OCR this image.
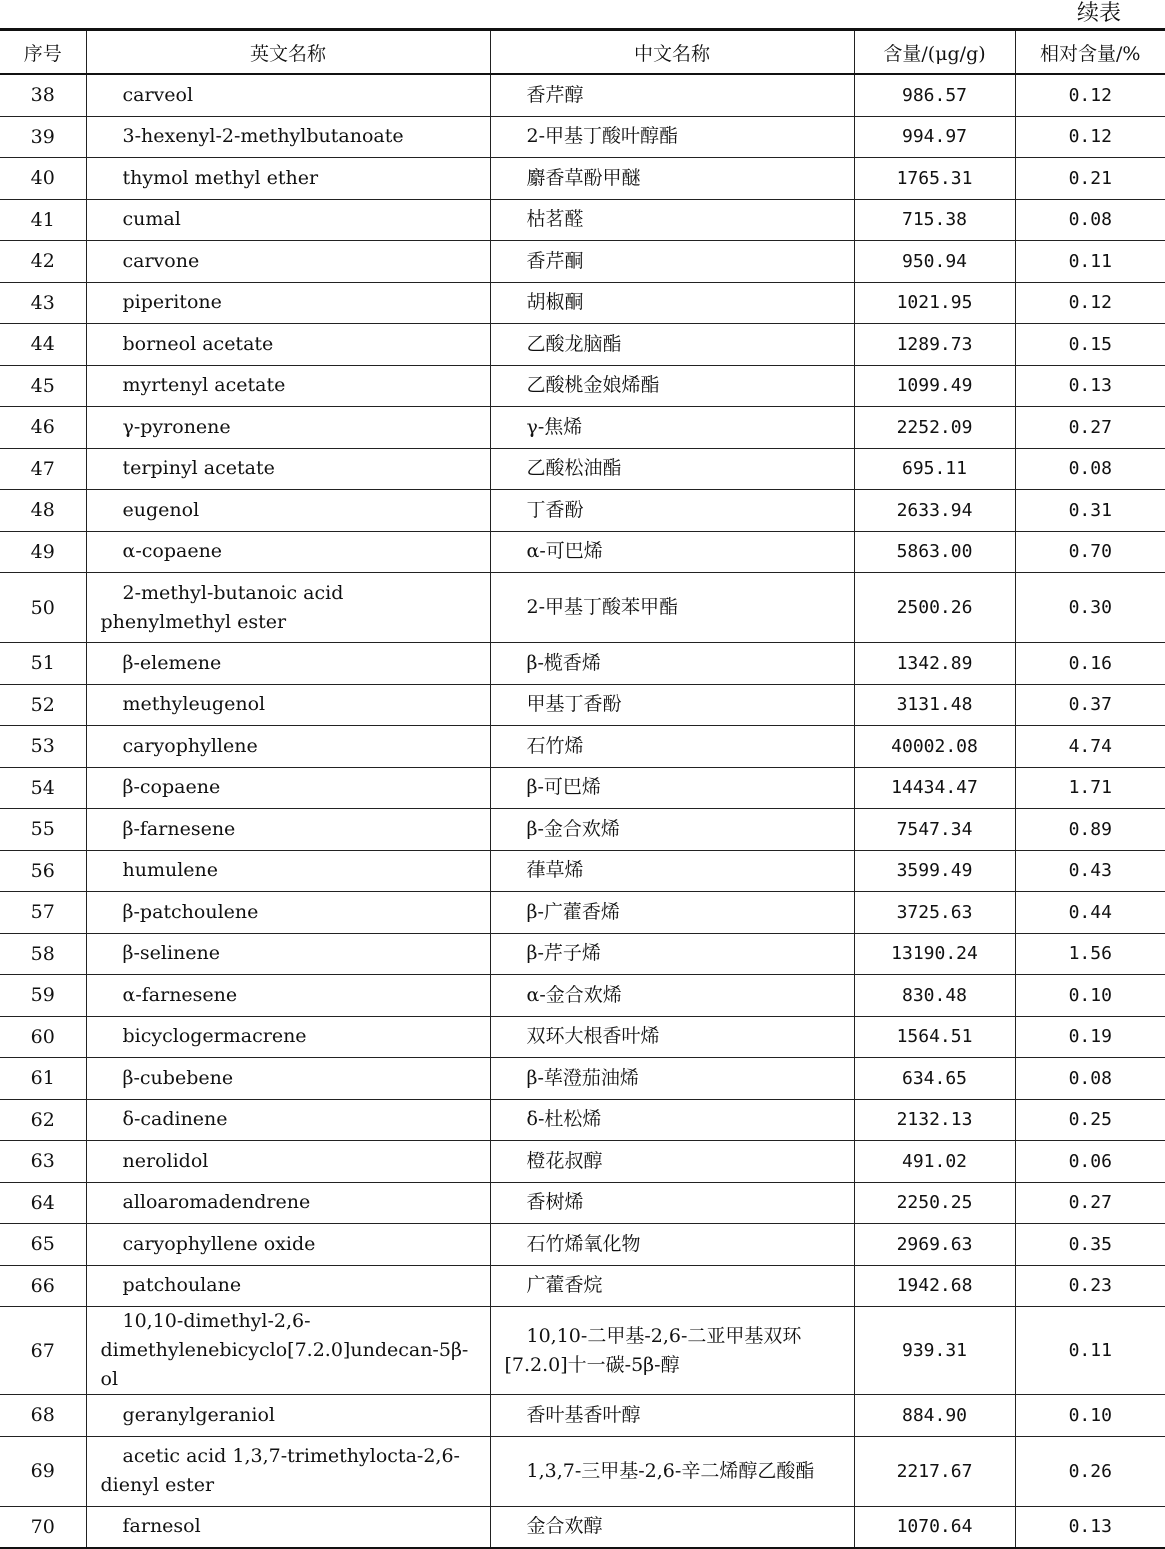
续表
序号	英文名称	中文名称	含量/(μg/g)	相对含量/%
38	carveol	香芹醇	986.57	0.12
39	3-hexenyl-2-methylbutanoate	2-甲基丁酸叶醇酯	994.97	0.12
40	thymol methyl ether	麝香草酚甲醚	1765.31	0.21
41	cumal	枯茗醛	715.38	0.08
42	carvone	香芹酮	950.94	0.11
43	piperitone	胡椒酮	1021.95	0.12
44	borneol acetate	乙酸龙脑酯	1289.73	0.15
45	myrtenyl acetate	乙酸桃金娘烯酯	1099.49	0.13
46	γ-pyronene	γ-焦烯	2252.09	0.27
47	terpinyl acetate	乙酸松油酯	695.11	0.08
48	eugenol	丁香酚	2633.94	0.31
49	α-copaene	α-可巴烯	5863.00	0.70
50	2-methyl-butanoic acid phenylmethyl ester	2-甲基丁酸苯甲酯	2500.26	0.30
51	β-elemene	β-榄香烯	1342.89	0.16
52	methyleugenol	甲基丁香酚	3131.48	0.37
53	caryophyllene	石竹烯	40002.08	4.74
54	β-copaene	β-可巴烯	14434.47	1.71
55	β-farnesene	β-金合欢烯	7547.34	0.89
56	humulene	葎草烯	3599.49	0.43
57	β-patchoulene	β-广藿香烯	3725.63	0.44
58	β-selinene	β-芹子烯	13190.24	1.56
59	α-farnesene	α-金合欢烯	830.48	0.10
60	bicyclogermacrene	双环大根香叶烯	1564.51	0.19
61	β-cubebene	β-荜澄茄油烯	634.65	0.08
62	δ-cadinene	δ-杜松烯	2132.13	0.25
63	nerolidol	橙花叔醇	491.02	0.06
64	alloaromadendrene	香树烯	2250.25	0.27
65	caryophyllene oxide	石竹烯氧化物	2969.63	0.35
66	patchoulane	广藿香烷	1942.68	0.23
67	10,10-dimethyl-2,6-dimethylenebicyclo[7.2.0]undecan-5β-ol	10,10-二甲基-2,6-二亚甲基双环[7.2.0]十一碳-5β-醇	939.31	0.11
68	geranylgeraniol	香叶基香叶醇	884.90	0.10
69	acetic acid 1,3,7-trimethylocta-2,6-dienyl ester	1,3,7-三甲基-2,6-辛二烯醇乙酸酯	2217.67	0.26
70	farnesol	金合欢醇	1070.64	0.13
